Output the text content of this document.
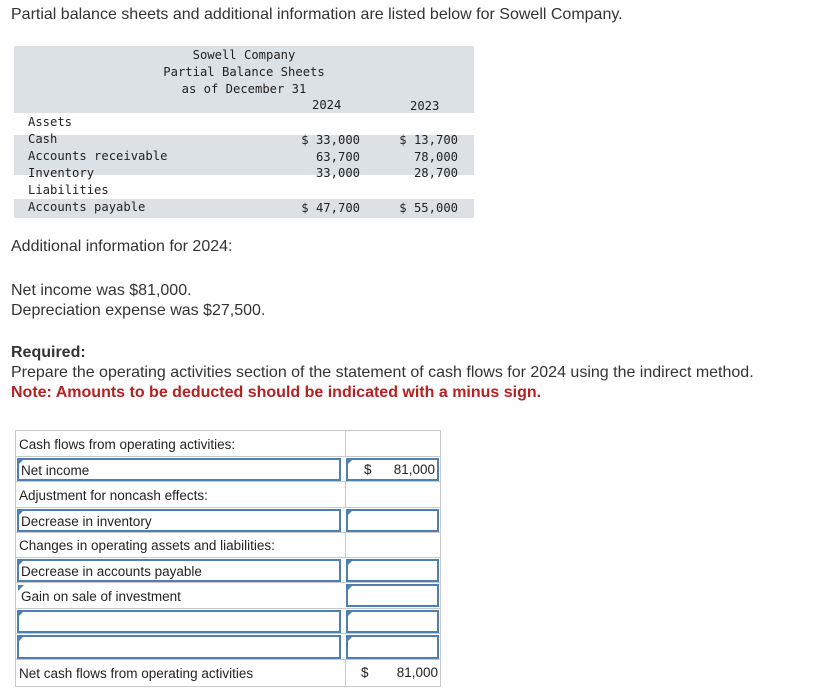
Partial balance sheets and additional information are listed below for Sowell Company.
Sowell Company
Partial Balance Sheets
as of December 31
2024	2023
Assets
Cash	$ 33,000	$ 13,700
Accounts receivable	63,700	78,000
Inventory	33,000	28,700
Liabilities
Accounts payable	$ 47,700	$ 55,000
Additional information for 2024:
Net income was $81,000.
Depreciation expense was $27,500.
Required:
Prepare the operating activities section of the statement of cash flows for 2024 using the indirect method.
Note: Amounts to be deducted should be indicated with a minus sign.
Cash flows from operating activities:
Net income	$ 81,000
Adjustment for noncash effects:
Decrease in inventory
Changes in operating assets and liabilities:
Decrease in accounts payable
Gain on sale of investment
Net cash flows from operating activities	$ 81,000
